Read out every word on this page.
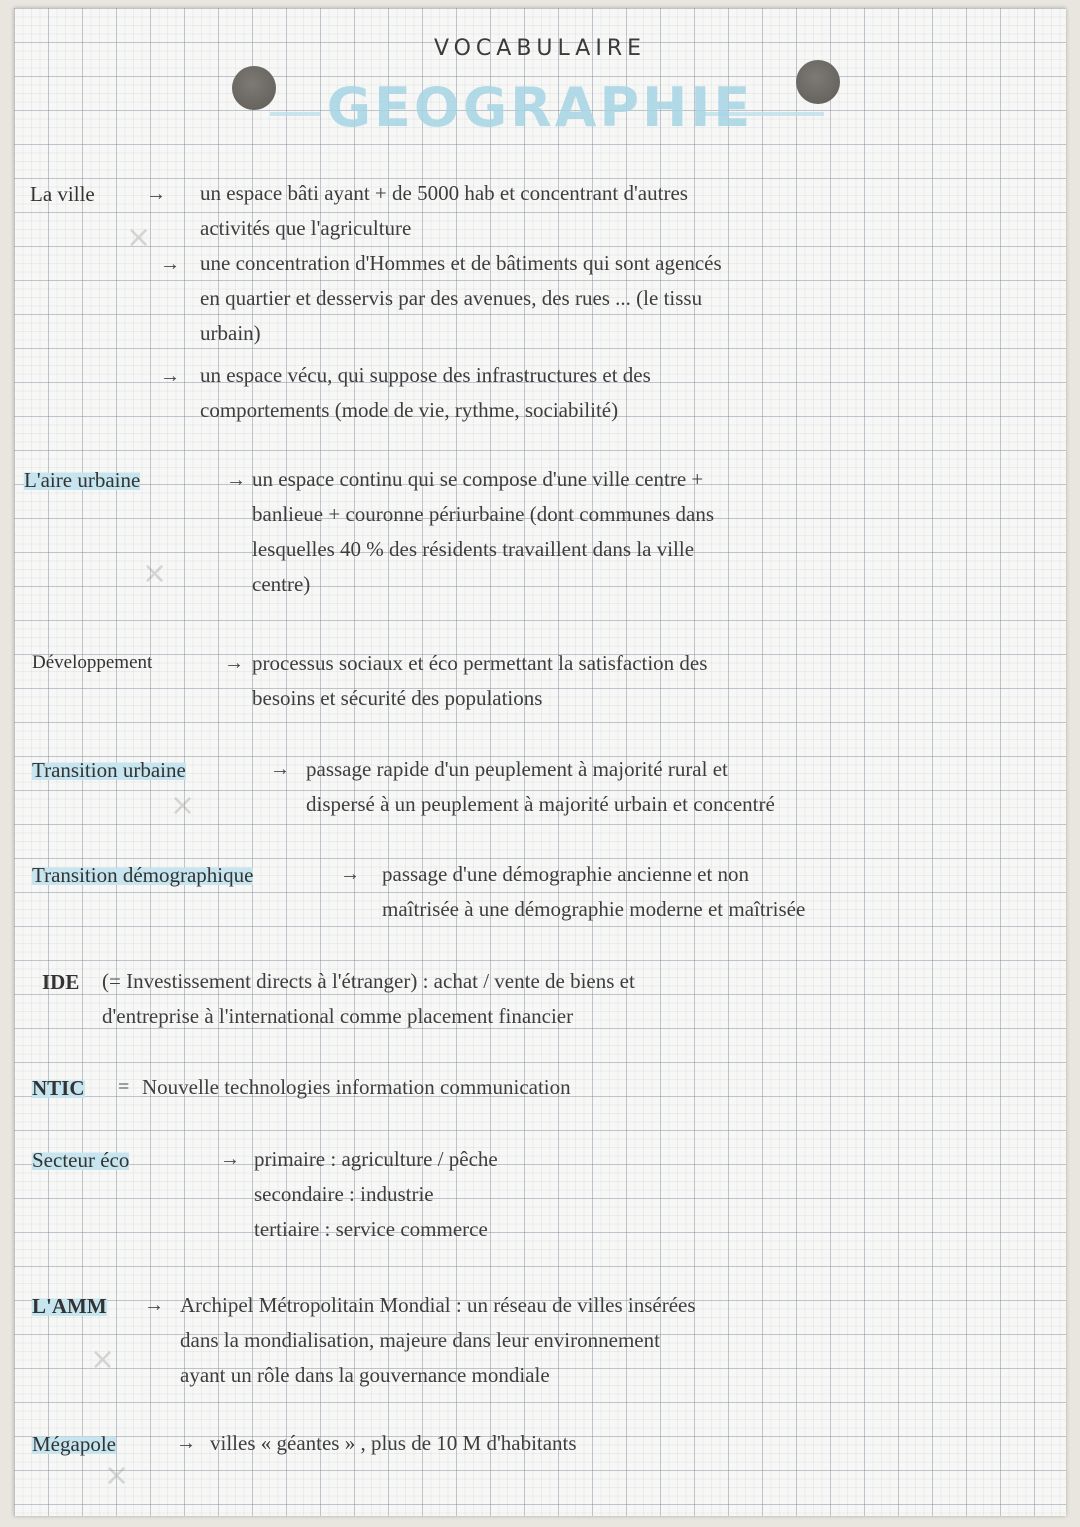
VOCABULAIRE
GEOGRAPHIE
La ville	→ un espace bâti ayant + de 5000 hab et concentrant d'autres
activités que l'agriculture
→ une concentration d'Hommes et de bâtiments qui sont agencés
en quartier et desservis par des avenues, des rues ... (le tissu
urbain)
→ un espace vécu, qui suppose des infrastructures et des
comportements (mode de vie, rythme, sociabilité)
L'aire urbaine	→ un espace continu qui se compose d'une ville centre +
banlieue + couronne périurbaine (dont communes dans
lesquelles 40 % des résidents travaillent dans la ville
centre)
Développement	→ processus sociaux et éco permettant la satisfaction des
besoins et sécurité des populations
Transition urbaine	→ passage rapide d'un peuplement à majorité rural et
dispersé à un peuplement à majorité urbain et concentré
Transition démographique	→ passage d'une démographie ancienne et non
maîtrisée à une démographie moderne et maîtrisée
IDE (= Investissement directs à l'étranger) : achat / vente de biens et
d'entreprise à l'international comme placement financier
NTIC = Nouvelle technologies information communication
Secteur éco	→ primaire : agriculture / pêche
secondaire : industrie
tertiaire : service commerce
L'AMM → Archipel Métropolitain Mondial : un réseau de villes insérées
dans la mondialisation, majeure dans leur environnement
ayant un rôle dans la gouvernance mondiale
Mégapole	→ villes « géantes » , plus de 10 M d'habitants
×
×
×
×
×
